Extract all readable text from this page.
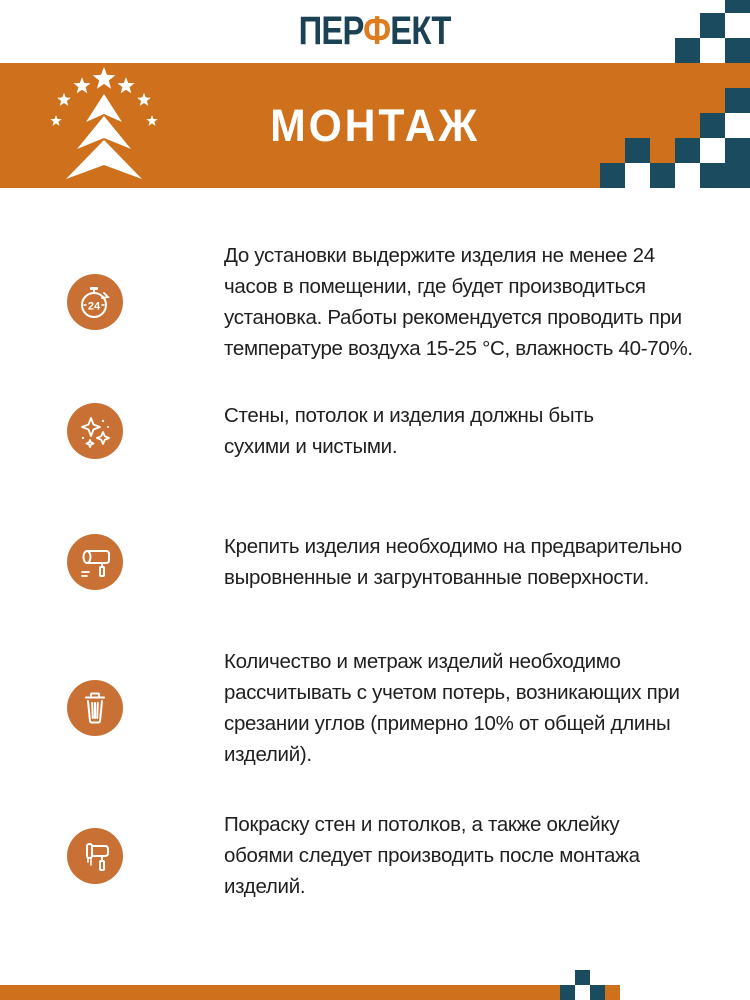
ПЕРФЕКТ
МОНТАЖ
24
До установки выдержите изделия не менее 24 часов в помещении, где будет производиться установка. Работы рекомендуется проводить при температуре воздуха 15-25 °С, влажность 40-70%.
Стены, потолок и изделия должны быть сухими и чистыми.
Крепить изделия необходимо на предварительно выровненные и загрунтованные поверхности.
Количество и метраж изделий необходимо рассчитывать с учетом потерь, возникающих при срезании углов (примерно 10% от общей длины изделий).
Покраску стен и потолков, а также оклейку обоями следует производить после монтажа изделий.
